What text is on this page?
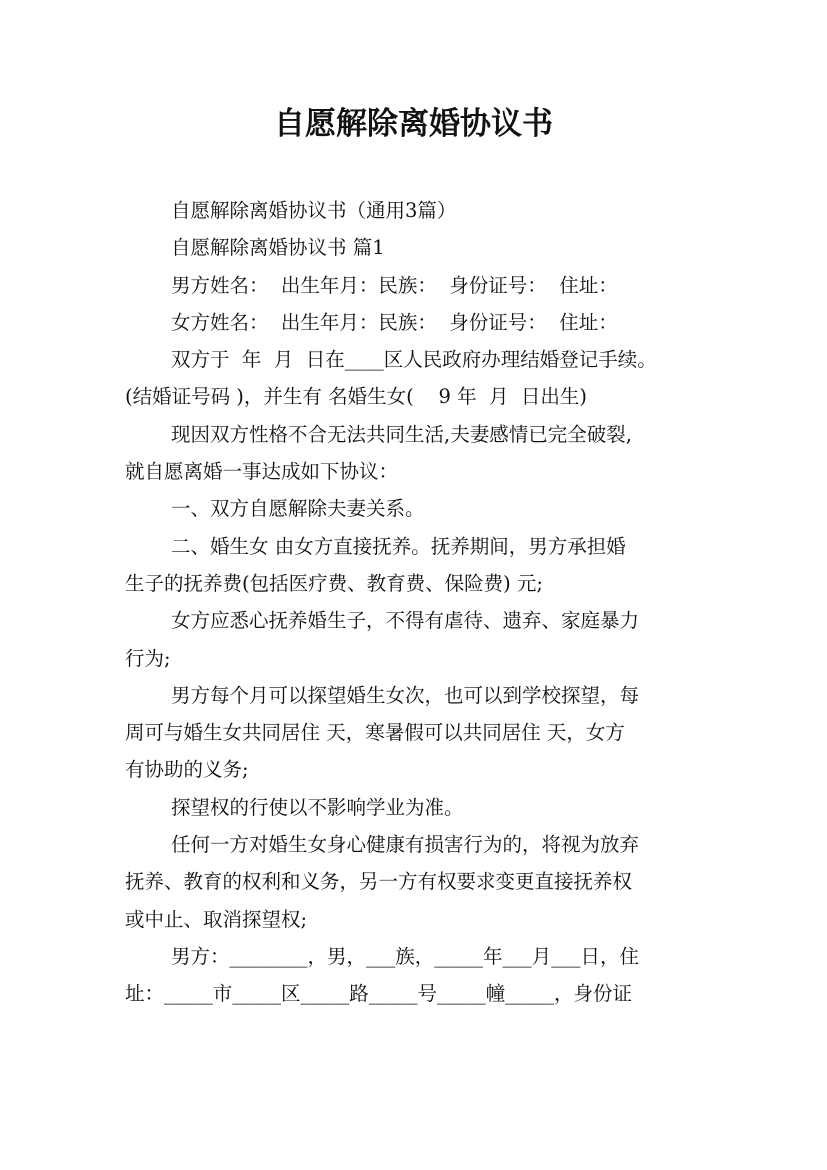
自愿解除离婚协议书
自愿解除离婚协议书（通用3篇）
自愿解除离婚协议书 篇1
男方姓名：  出生年月：民族：  身份证号：  住址：
女方姓名：  出生年月：民族：  身份证号：  住址：
双方于  年  月  日在____区人民政府办理结婚登记手续。
(结婚证号码 )，并生有 名婚生女(    9 年  月  日出生)
现因双方性格不合无法共同生活,夫妻感情已完全破裂,
就自愿离婚一事达成如下协议：
一、双方自愿解除夫妻关系。
二、婚生女 由女方直接抚养。抚养期间，男方承担婚
生子的抚养费(包括医疗费、教育费、保险费) 元;
女方应悉心抚养婚生子，不得有虐待、遗弃、家庭暴力
行为;
男方每个月可以探望婚生女次，也可以到学校探望，每
周可与婚生女共同居住 天，寒暑假可以共同居住 天，女方
有协助的义务;
探望权的行使以不影响学业为准。
任何一方对婚生女身心健康有损害行为的，将视为放弃
抚养、教育的权利和义务，另一方有权要求变更直接抚养权
或中止、取消探望权;
男方：________，男，___族，_____年___月___日，住
址：_____市_____区_____路_____号_____幢_____，身份证
